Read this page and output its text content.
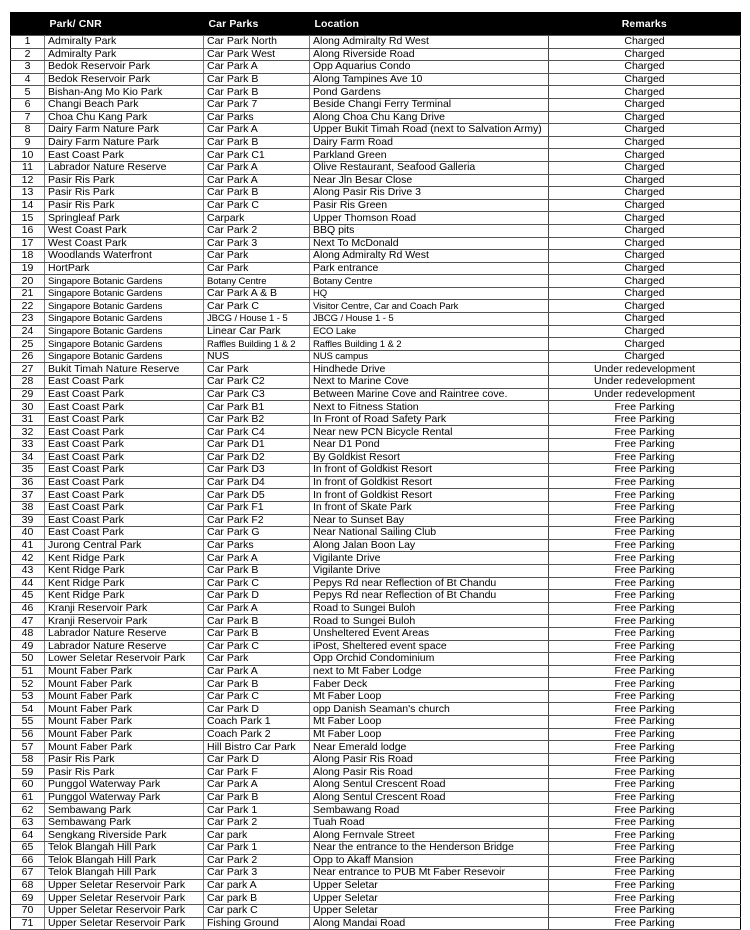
	Park/ CNR	Car Parks	Location	Remarks
1	Admiralty Park	Car Park North	Along Admiralty Rd West	Charged
2	Admiralty Park	Car Park West	Along Riverside Road	Charged
3	Bedok Reservoir Park	Car Park A	Opp Aquarius Condo	Charged
4	Bedok Reservoir Park	Car Park B	Along Tampines Ave 10	Charged
5	Bishan-Ang Mo Kio Park	Car Park B	Pond Gardens	Charged
6	Changi Beach Park	Car Park 7	Beside Changi Ferry Terminal	Charged
7	Choa Chu Kang Park	Car Parks	Along Choa Chu Kang Drive	Charged
8	Dairy Farm Nature Park	Car Park A	Upper Bukit Timah Road (next to Salvation Army)	Charged
9	Dairy Farm Nature Park	Car Park B	Dairy Farm Road	Charged
10	East Coast Park	Car Park C1	Parkland Green	Charged
11	Labrador Nature Reserve	Car Park A	Olive Restaurant, Seafood Galleria	Charged
12	Pasir Ris Park	Car Park A	Near Jln Besar Close	Charged
13	Pasir Ris Park	Car Park B	Along Pasir Ris Drive 3	Charged
14	Pasir Ris Park	Car Park C	Pasir Ris Green	Charged
15	Springleaf Park	Carpark	Upper Thomson Road	Charged
16	West Coast Park	Car Park 2	BBQ pits	Charged
17	West Coast Park	Car Park 3	Next To McDonald	Charged
18	Woodlands Waterfront	Car Park	Along Admiralty Rd West	Charged
19	HortPark	Car Park	Park entrance	Charged
20	Singapore Botanic Gardens	Botany Centre	Botany Centre	Charged
21	Singapore Botanic Gardens	Car Park A & B	HQ	Charged
22	Singapore Botanic Gardens	Car Park C	Visitor Centre, Car and Coach Park	Charged
23	Singapore Botanic Gardens	JBCG / House 1 - 5	JBCG / House 1 - 5	Charged
24	Singapore Botanic Gardens	Linear Car Park	ECO Lake	Charged
25	Singapore Botanic Gardens	Raffles Building 1 & 2	Raffles Building 1 & 2	Charged
26	Singapore Botanic Gardens	NUS	NUS campus	Charged
27	Bukit Timah Nature Reserve	Car Park	Hindhede Drive	Under redevelopment
28	East Coast Park	Car Park C2	Next to Marine Cove	Under redevelopment
29	East Coast Park	Car Park C3	Between Marine Cove and Raintree cove.	Under redevelopment
30	East Coast Park	Car Park B1	Next to Fitness Station	Free Parking
31	East Coast Park	Car Park B2	In Front of Road Safety Park	Free Parking
32	East Coast Park	Car Park C4	Near new PCN Bicycle Rental	Free Parking
33	East Coast Park	Car Park D1	Near D1 Pond	Free Parking
34	East Coast Park	Car Park D2	By Goldkist Resort	Free Parking
35	East Coast Park	Car Park D3	In front of Goldkist Resort	Free Parking
36	East Coast Park	Car Park D4	In front of Goldkist Resort	Free Parking
37	East Coast Park	Car Park D5	In front of Goldkist Resort	Free Parking
38	East Coast Park	Car Park F1	In front of Skate Park	Free Parking
39	East Coast Park	Car Park F2	Near to Sunset Bay	Free Parking
40	East Coast Park	Car Park G	Near National Sailing Club	Free Parking
41	Jurong Central Park	Car Parks	Along Jalan Boon Lay	Free Parking
42	Kent Ridge Park	Car Park A	Vigilante Drive	Free Parking
43	Kent Ridge Park	Car Park B	Vigilante Drive	Free Parking
44	Kent Ridge Park	Car Park C	Pepys Rd near Reflection of Bt Chandu	Free Parking
45	Kent Ridge Park	Car Park D	Pepys Rd near Reflection of Bt Chandu	Free Parking
46	Kranji Reservoir Park	Car Park A	Road to Sungei Buloh	Free Parking
47	Kranji Reservoir Park	Car Park B	Road to Sungei Buloh	Free Parking
48	Labrador Nature Reserve	Car Park B	Unsheltered Event Areas	Free Parking
49	Labrador Nature Reserve	Car Park C	iPost, Sheltered event space	Free Parking
50	Lower Seletar Reservoir Park	Car Park	Opp Orchid Condominium	Free Parking
51	Mount Faber Park	Car Park A	next to Mt Faber Lodge	Free Parking
52	Mount Faber Park	Car Park B	Faber Deck	Free Parking
53	Mount Faber Park	Car Park C	Mt Faber Loop	Free Parking
54	Mount Faber Park	Car Park D	opp Danish Seaman's church	Free Parking
55	Mount Faber Park	Coach Park 1	Mt Faber Loop	Free Parking
56	Mount Faber Park	Coach Park 2	Mt Faber Loop	Free Parking
57	Mount Faber Park	Hill Bistro Car Park	Near Emerald lodge	Free Parking
58	Pasir Ris Park	Car Park D	Along Pasir Ris Road	Free Parking
59	Pasir Ris Park	Car Park F	Along Pasir Ris Road	Free Parking
60	Punggol Waterway Park	Car Park A	Along Sentul Crescent Road	Free Parking
61	Punggol Waterway Park	Car Park B	Along Sentul Crescent Road	Free Parking
62	Sembawang Park	Car Park 1	Sembawang Road	Free Parking
63	Sembawang Park	Car Park 2	Tuah Road	Free Parking
64	Sengkang Riverside Park	Car park	Along Fernvale Street	Free Parking
65	Telok Blangah Hill Park	Car Park 1	Near the entrance to the Henderson Bridge	Free Parking
66	Telok Blangah Hill Park	Car Park 2	Opp to Akaff Mansion	Free Parking
67	Telok Blangah Hill Park	Car Park 3	Near entrance to PUB Mt Faber Resevoir	Free Parking
68	Upper Seletar Reservoir Park	Car park A	Upper Seletar	Free Parking
69	Upper Seletar Reservoir Park	Car park B	Upper Seletar	Free Parking
70	Upper Seletar Reservoir Park	Car park C	Upper Seletar	Free Parking
71	Upper Seletar Reservoir Park	Fishing Ground	Along Mandai Road	Free Parking
